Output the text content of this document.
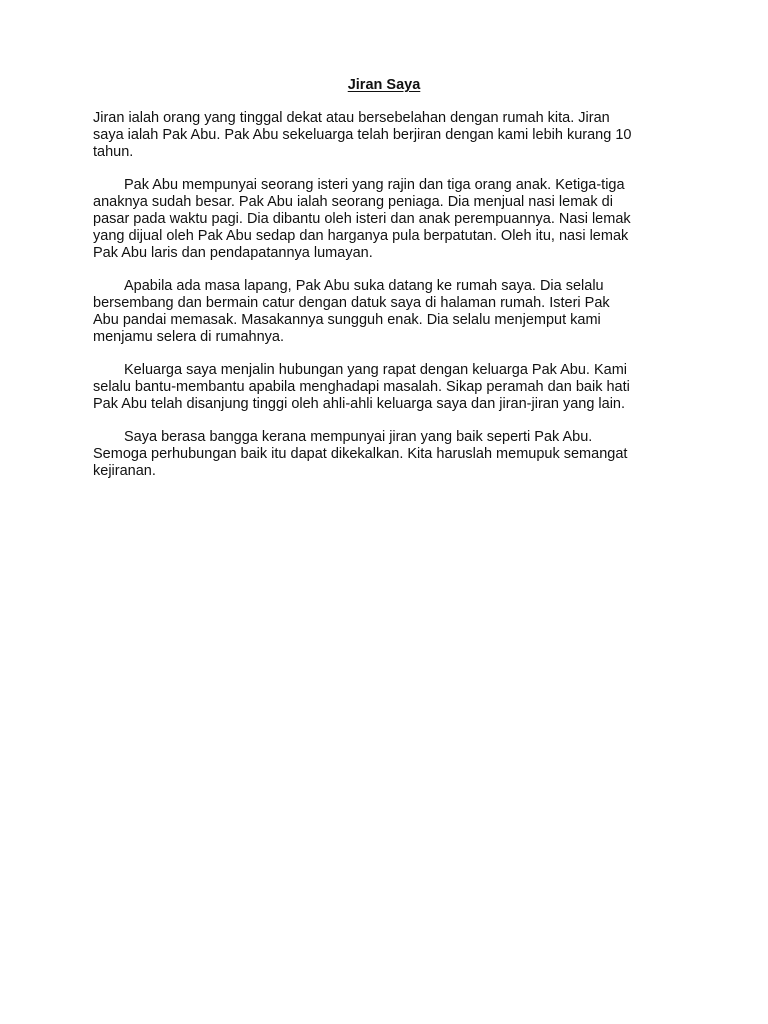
Jiran Saya

Jiran ialah orang yang tinggal dekat atau bersebelahan dengan rumah kita. Jiran
saya ialah Pak Abu. Pak Abu sekeluarga telah berjiran dengan kami lebih kurang 10
tahun.

Pak Abu mempunyai seorang isteri yang rajin dan tiga orang anak. Ketiga-tiga
anaknya sudah besar. Pak Abu ialah seorang peniaga. Dia menjual nasi lemak di
pasar pada waktu pagi. Dia dibantu oleh isteri dan anak perempuannya. Nasi lemak
yang dijual oleh Pak Abu sedap dan harganya pula berpatutan. Oleh itu, nasi lemak
Pak Abu laris dan pendapatannya lumayan.

Apabila ada masa lapang, Pak Abu suka datang ke rumah saya. Dia selalu
bersembang dan bermain catur dengan datuk saya di halaman rumah. Isteri Pak
Abu pandai memasak. Masakannya sungguh enak. Dia selalu menjemput kami
menjamu selera di rumahnya.

Keluarga saya menjalin hubungan yang rapat dengan keluarga Pak Abu. Kami
selalu bantu-membantu apabila menghadapi masalah. Sikap peramah dan baik hati
Pak Abu telah disanjung tinggi oleh ahli-ahli keluarga saya dan jiran-jiran yang lain.

Saya berasa bangga kerana mempunyai jiran yang baik seperti Pak Abu.
Semoga perhubungan baik itu dapat dikekalkan. Kita haruslah memupuk semangat
kejiranan.
